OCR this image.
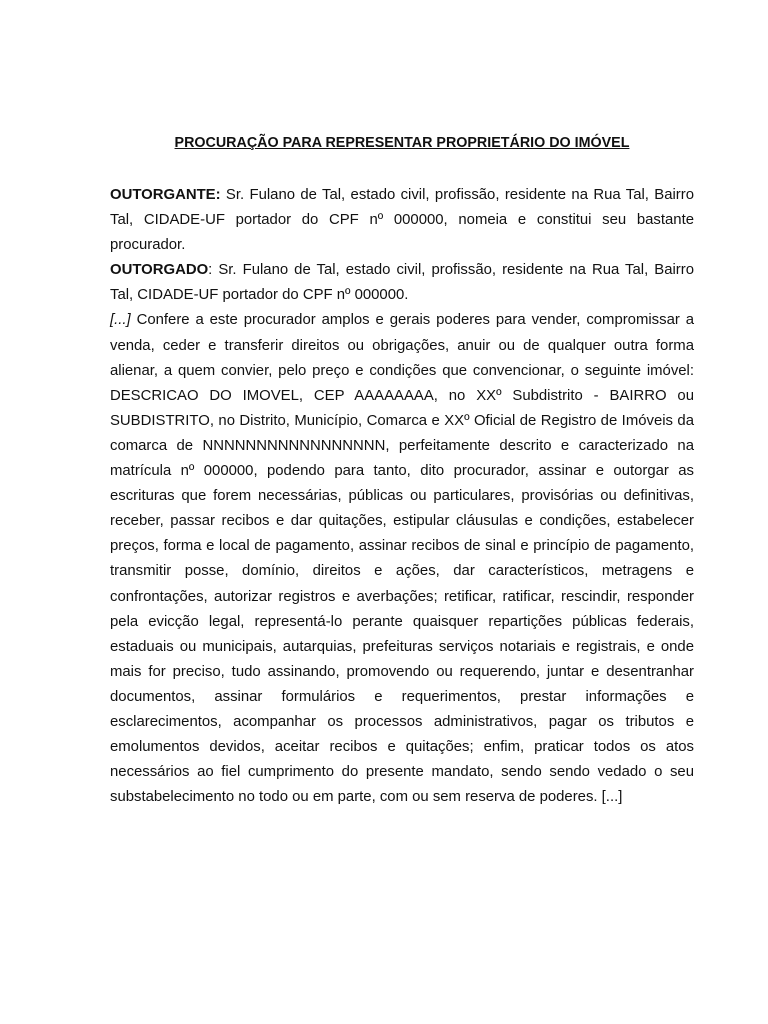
PROCURAÇÃO PARA REPRESENTAR PROPRIETÁRIO DO IMÓVEL

OUTORGANTE: Sr. Fulano de Tal, estado civil, profissão, residente na Rua Tal, Bairro Tal, CIDADE-UF portador do CPF nº 000000, nomeia e constitui seu bastante procurador.

OUTORGADO: Sr. Fulano de Tal, estado civil, profissão, residente na Rua Tal, Bairro Tal, CIDADE-UF portador do CPF nº 000000.

[...] Confere a este procurador amplos e gerais poderes para vender, compromissar a venda, ceder e transferir direitos ou obrigações, anuir ou de qualquer outra forma alienar, a quem convier, pelo preço e condições que convencionar, o seguinte imóvel: DESCRICAO DO IMOVEL, CEP AAAAAAAA, no XXº Subdistrito - BAIRRO ou SUBDISTRITO, no Distrito, Município, Comarca e XXº Oficial de Registro de Imóveis da comarca de NNNNNNNNNNNNNNNNN, perfeitamente descrito e caracterizado na matrícula nº 000000, podendo para tanto, dito procurador, assinar e outorgar as escrituras que forem necessárias, públicas ou particulares, provisórias ou definitivas, receber, passar recibos e dar quitações, estipular cláusulas e condições, estabelecer preços, forma e local de pagamento, assinar recibos de sinal e princípio de pagamento, transmitir posse, domínio, direitos e ações, dar característicos, metragens e confrontações, autorizar registros e averbações; retificar, ratificar, rescindir, responder pela evicção legal, representá-lo perante quaisquer repartições públicas federais, estaduais ou municipais, autarquias, prefeituras serviços notariais e registrais, e onde mais for preciso, tudo assinando, promovendo ou requerendo, juntar e desentranhar documentos, assinar formulários e requerimentos, prestar informações e esclarecimentos, acompanhar os processos administrativos, pagar os tributos e emolumentos devidos, aceitar recibos e quitações; enfim, praticar todos os atos necessários ao fiel cumprimento do presente mandato, sendo sendo vedado o seu substabelecimento no todo ou em parte, com ou sem reserva de poderes. [...]
